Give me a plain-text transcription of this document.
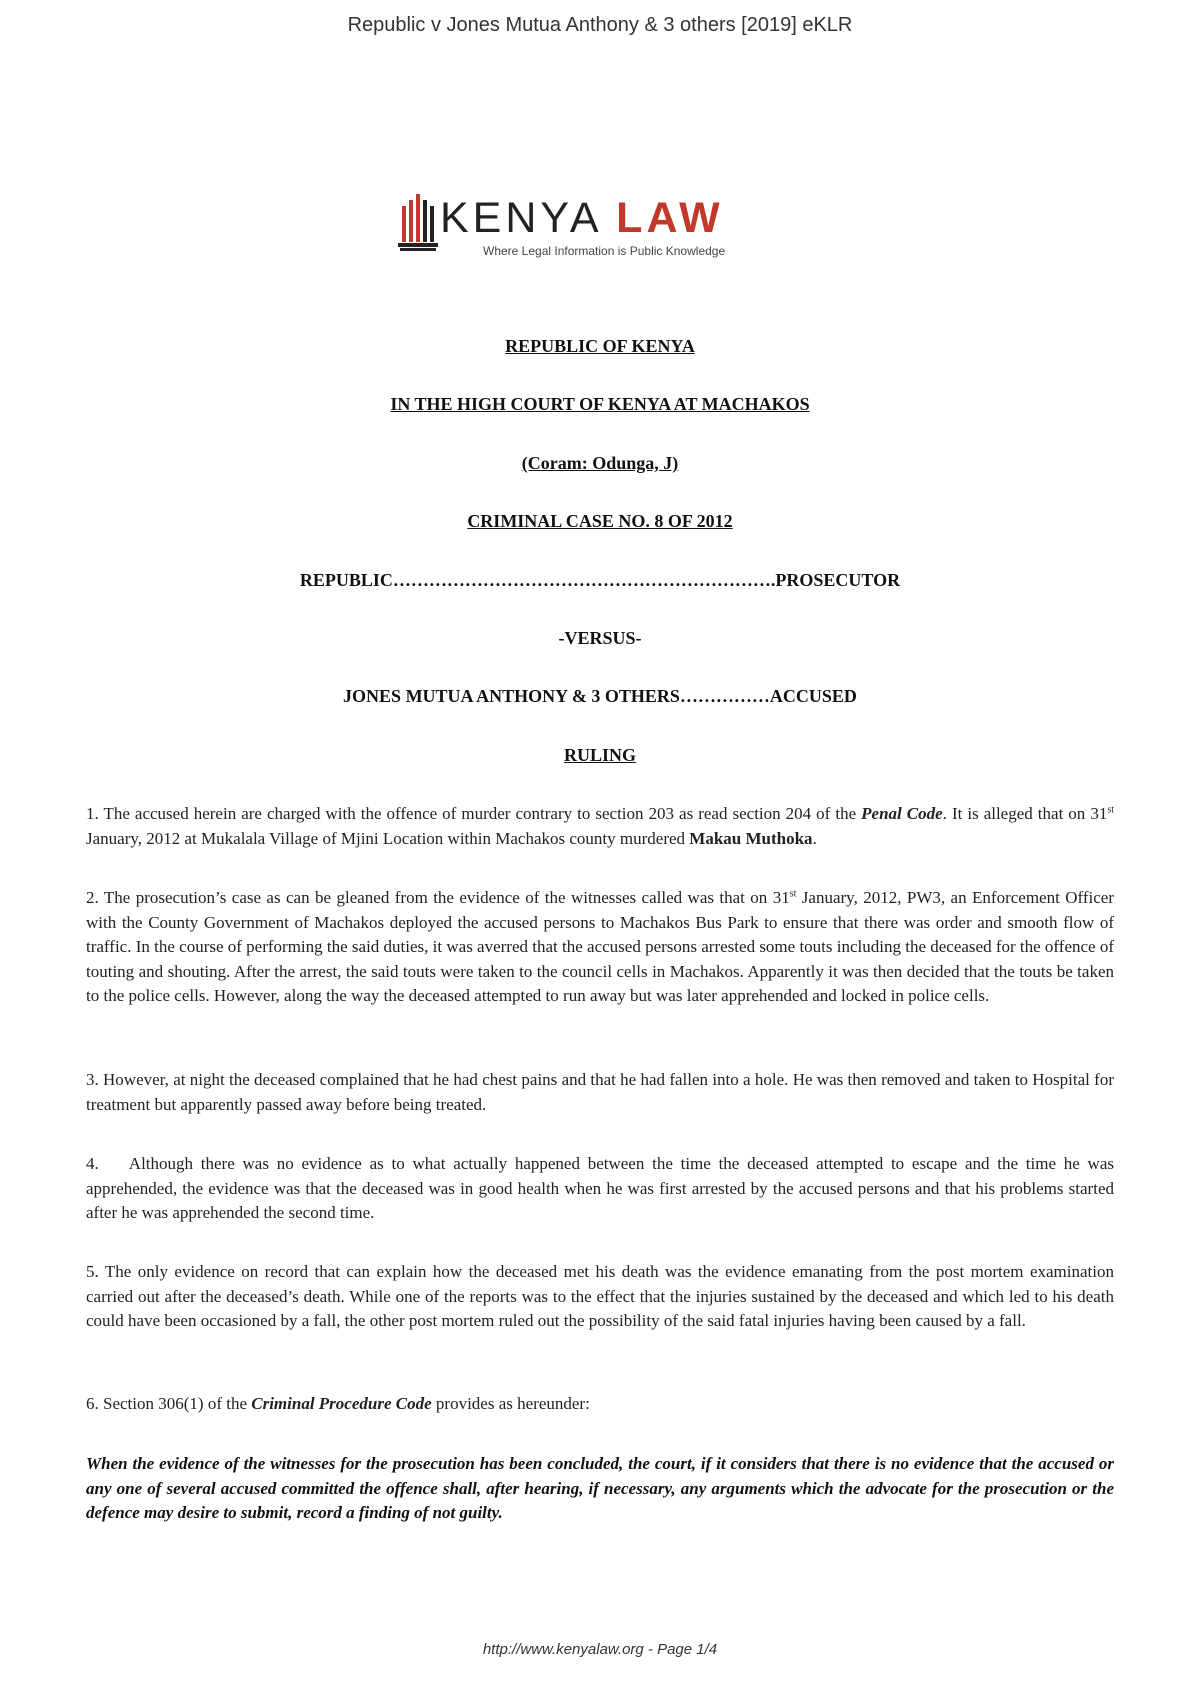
Republic v Jones Mutua Anthony & 3 others [2019] eKLR
KENYA LAW
Where Legal Information is Public Knowledge
REPUBLIC OF KENYA
IN THE HIGH COURT OF KENYA AT MACHAKOS
(Coram: Odunga, J)
CRIMINAL CASE NO. 8 OF 2012
REPUBLIC……………………………………………………….PROSECUTOR
-VERSUS-
JONES MUTUA ANTHONY & 3 OTHERS……………ACCUSED
RULING
1. The accused herein are charged with the offence of murder contrary to section 203 as read section 204 of the Penal Code. It is alleged that on 31st January, 2012 at Mukalala Village of Mjini Location within Machakos county murdered Makau Muthoka.
2. The prosecution’s case as can be gleaned from the evidence of the witnesses called was that on 31st January, 2012, PW3, an Enforcement Officer with the County Government of Machakos deployed the accused persons to Machakos Bus Park to ensure that there was order and smooth flow of traffic. In the course of performing the said duties, it was averred that the accused persons arrested some touts including the deceased for the offence of touting and shouting. After the arrest, the said touts were taken to the council cells in Machakos. Apparently it was then decided that the touts be taken to the police cells. However, along the way the deceased attempted to run away but was later apprehended and locked in police cells.
3. However, at night the deceased complained that he had chest pains and that he had fallen into a hole. He was then removed and taken to Hospital for treatment but apparently passed away before being treated.
4.    Although there was no evidence as to what actually happened between the time the deceased attempted to escape and the time he was apprehended, the evidence was that the deceased was in good health when he was first arrested by the accused persons and that his problems started after he was apprehended the second time.
5. The only evidence on record that can explain how the deceased met his death was the evidence emanating from the post mortem examination carried out after the deceased’s death. While one of the reports was to the effect that the injuries sustained by the deceased and which led to his death could have been occasioned by a fall, the other post mortem ruled out the possibility of the said fatal injuries having been caused by a fall.
6. Section 306(1) of the Criminal Procedure Code provides as hereunder:
When the evidence of the witnesses for the prosecution has been concluded, the court, if it considers that there is no evidence that the accused or any one of several accused committed the offence shall, after hearing, if necessary, any arguments which the advocate for the prosecution or the defence may desire to submit, record a finding of not guilty.
http://www.kenyalaw.org - Page 1/4
